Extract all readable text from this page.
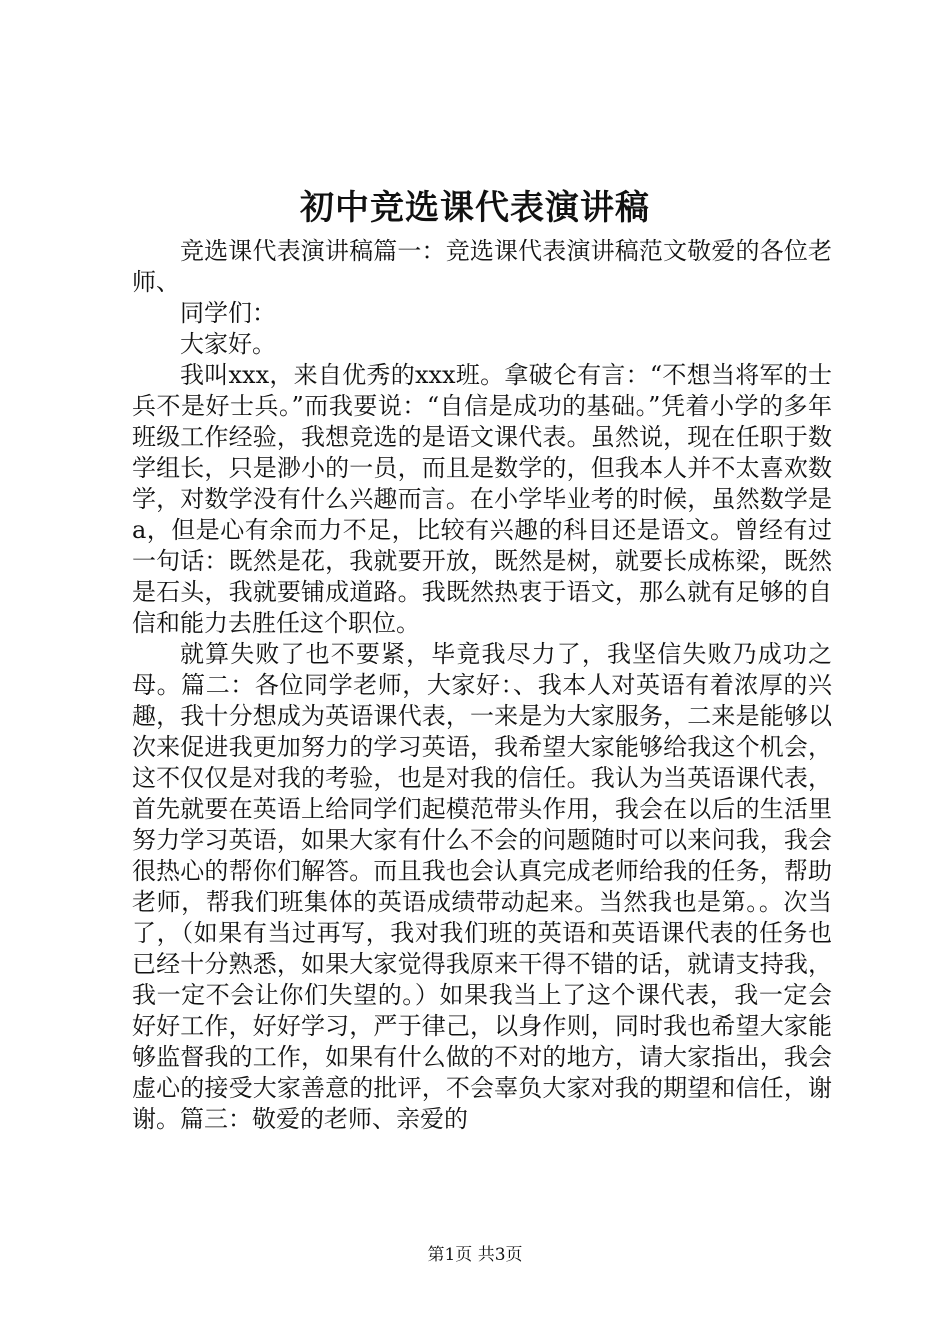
初中竞选课代表演讲稿

竞选课代表演讲稿篇一：竞选课代表演讲稿范文敬爱的各位老师、

同学们：

大家好。

我叫xxx，来自优秀的xxx班。拿破仑有言：“不想当将军的士兵不是好士兵。”而我要说：“自信是成功的基础。”凭着小学的多年班级工作经验，我想竞选的是语文课代表。虽然说，现在任职于数学组长，只是渺小的一员，而且是数学的，但我本人并不太喜欢数学，对数学没有什么兴趣而言。在小学毕业考的时候，虽然数学是a，但是心有余而力不足，比较有兴趣的科目还是语文。曾经有过一句话：既然是花，我就要开放，既然是树，就要长成栋梁，既然是石头，我就要铺成道路。我既然热衷于语文，那么就有足够的自信和能力去胜任这个职位。

就算失败了也不要紧，毕竟我尽力了，我坚信失败乃成功之母。篇二：各位同学老师，大家好：、我本人对英语有着浓厚的兴趣，我十分想成为英语课代表，一来是为大家服务，二来是能够以次来促进我更加努力的学习英语，我希望大家能够给我这个机会，这不仅仅是对我的考验，也是对我的信任。我认为当英语课代表，首先就要在英语上给同学们起模范带头作用，我会在以后的生活里努力学习英语，如果大家有什么不会的问题随时可以来问我，我会很热心的帮你们解答。而且我也会认真完成老师给我的任务，帮助老师，帮我们班集体的英语成绩带动起来。当然我也是第。。次当了，（如果有当过再写，我对我们班的英语和英语课代表的任务也已经十分熟悉，如果大家觉得我原来干得不错的话，就请支持我，我一定不会让你们失望的。）如果我当上了这个课代表，我一定会好好工作，好好学习，严于律己，以身作则，同时我也希望大家能够监督我的工作，如果有什么做的不对的地方，请大家指出，我会虚心的接受大家善意的批评，不会辜负大家对我的期望和信任，谢谢。篇三：敬爱的老师、亲爱的

第1页 共3页
